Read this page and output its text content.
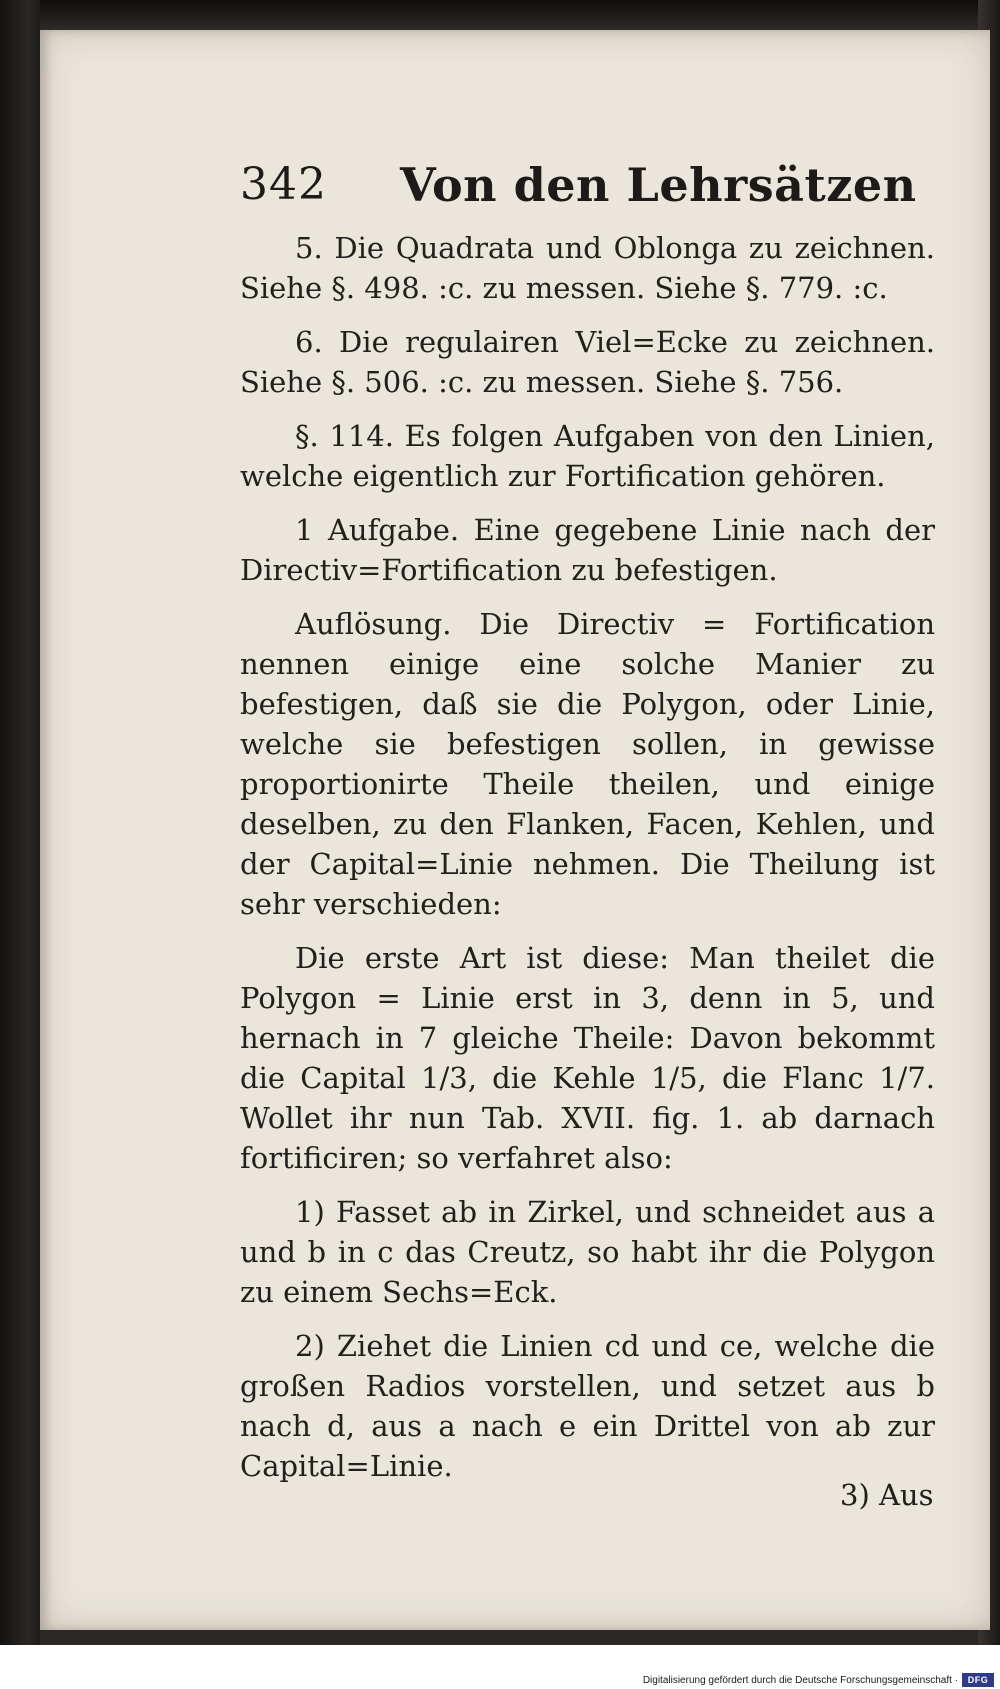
342 Von den Lehrsätzen

5. Die Quadrata und Oblonga zu zeichnen. Siehe §. 498. :c. zu messen. Siehe §. 779. :c.

6. Die regulairen Viel=Ecke zu zeichnen. Siehe §. 506. :c. zu messen. Siehe §. 756.

§. 114. Es folgen Aufgaben von den Linien, welche eigentlich zur Fortification gehören.

1 Aufgabe. Eine gegebene Linie nach der Directiv=Fortification zu befestigen.

Auflösung. Die Directiv = Fortification nennen einige eine solche Manier zu befestigen, daß sie die Polygon, oder Linie, welche sie befestigen sollen, in gewisse proportionirte Theile theilen, und einige deselben, zu den Flanken, Facen, Kehlen, und der Capital=Linie nehmen. Die Theilung ist sehr verschieden:

Die erste Art ist diese: Man theilet die Polygon = Linie erst in 3, denn in 5, und hernach in 7 gleiche Theile: Davon bekommt die Capital 1/3, die Kehle 1/5, die Flanc 1/7. Wollet ihr nun Tab. XVII. fig. 1. ab darnach fortificiren; so verfahret also:

1) Fasset ab in Zirkel, und schneidet aus a und b in c das Creutz, so habt ihr die Polygon zu einem Sechs=Eck.

2) Ziehet die Linien cd und ce, welche die großen Radios vorstellen, und setzet aus b nach d, aus a nach e ein Drittel von ab zur Capital=Linie.

3) Aus
Digitalisierung gefördert durch die Deutsche Forschungsgemeinschaft ·	DFG
